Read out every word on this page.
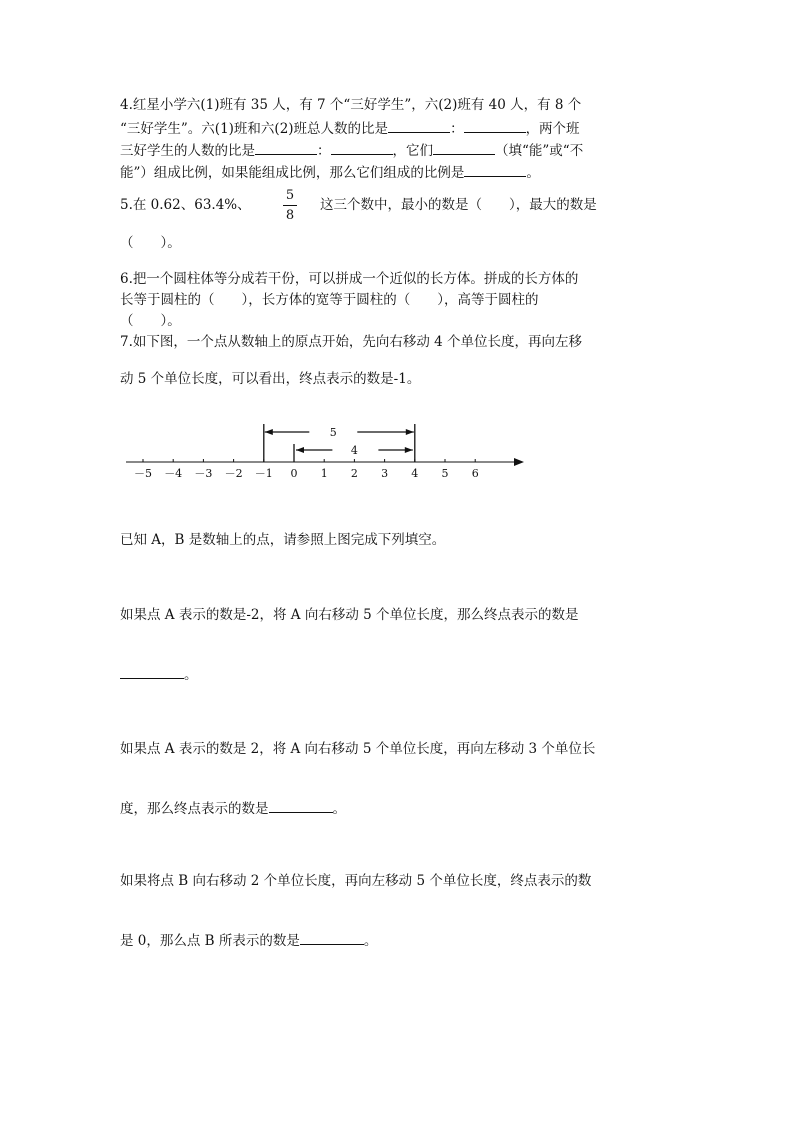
4.红星小学六(1)班有 35 人，有 7 个“三好学生”，六(2)班有 40 人，有 8 个
“三好学生”。六(1)班和六(2)班总人数的比是	：	，两个班
三好学生的人数的比是	：	，它们	（填“能”或“不
能”）组成比例，如果能组成比例，那么它们组成的比例是	。
5.在 0.62、63.4%、
5
8
这三个数中，最小的数是（　　），最大的数是
（　　）。
6.把一个圆柱体等分成若干份，可以拼成一个近似的长方体。拼成的长方体的
长等于圆柱的（　　），长方体的宽等于圆柱的（　　），高等于圆柱的
（　　）。
7.如下图，一个点从数轴上的原点开始，先向右移动 4 个单位长度，再向左移
动 5 个单位长度，可以看出，终点表示的数是-1。
－5 －4 －3 －2 －1 0 1 2 3 4 5 6
5
4
已知 A，B 是数轴上的点，请参照上图完成下列填空。
如果点 A 表示的数是-2，将 A 向右移动 5 个单位长度，那么终点表示的数是
。
如果点 A 表示的数是 2，将 A 向右移动 5 个单位长度，再向左移动 3 个单位长
度，那么终点表示的数是	。
如果将点 B 向右移动 2 个单位长度，再向左移动 5 个单位长度，终点表示的数
是 0，那么点 B 所表示的数是	。
